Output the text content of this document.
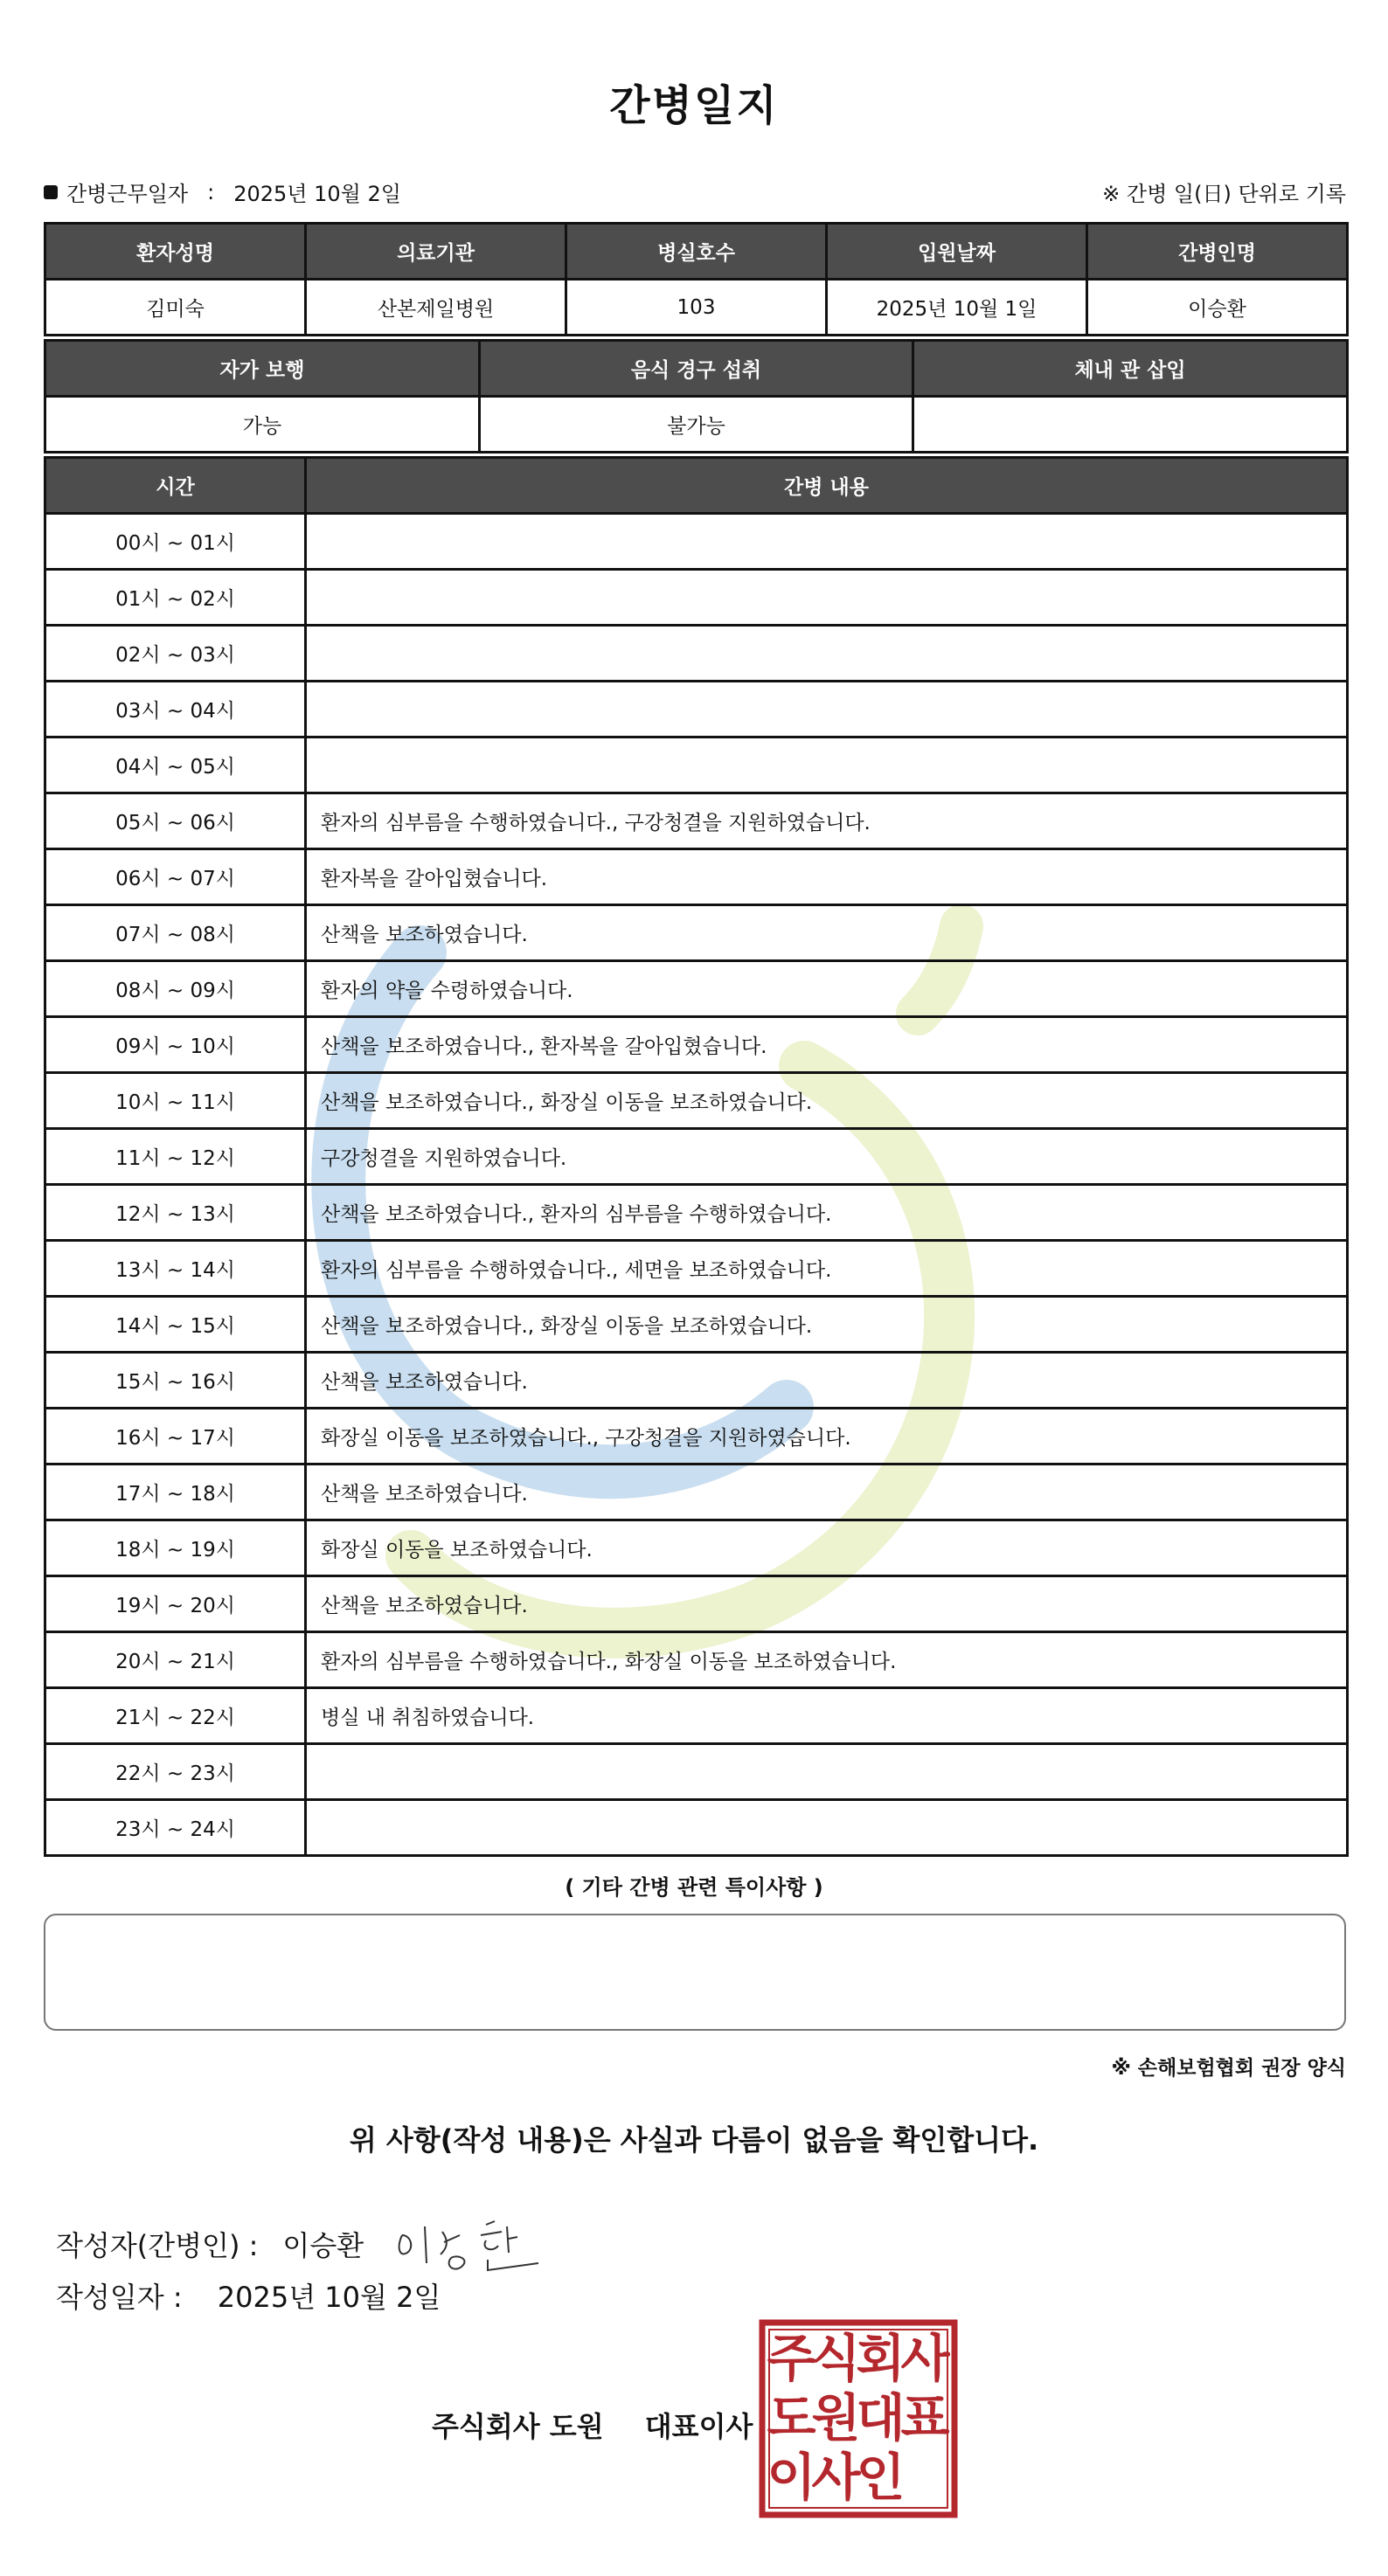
간병일지
간병근무일자 : 2025년 10월 2일	※ 간병 일(日) 단위로 기록
환자성명	의료기관	병실호수	입원날짜	간병인명
김미숙	산본제일병원	103	2025년 10월 1일	이승환
자가 보행	음식 경구 섭취	체내 관 삽입
가능	불가능	
시간	간병 내용
00시 ~ 01시	
01시 ~ 02시	
02시 ~ 03시	
03시 ~ 04시	
04시 ~ 05시	
05시 ~ 06시	환자의 심부름을 수행하였습니다., 구강청결을 지원하였습니다.
06시 ~ 07시	환자복을 갈아입혔습니다.
07시 ~ 08시	산책을 보조하였습니다.
08시 ~ 09시	환자의 약을 수령하였습니다.
09시 ~ 10시	산책을 보조하였습니다., 환자복을 갈아입혔습니다.
10시 ~ 11시	산책을 보조하였습니다., 화장실 이동을 보조하였습니다.
11시 ~ 12시	구강청결을 지원하였습니다.
12시 ~ 13시	산책을 보조하였습니다., 환자의 심부름을 수행하였습니다.
13시 ~ 14시	환자의 심부름을 수행하였습니다., 세면을 보조하였습니다.
14시 ~ 15시	산책을 보조하였습니다., 화장실 이동을 보조하였습니다.
15시 ~ 16시	산책을 보조하였습니다.
16시 ~ 17시	화장실 이동을 보조하였습니다., 구강청결을 지원하였습니다.
17시 ~ 18시	산책을 보조하였습니다.
18시 ~ 19시	화장실 이동을 보조하였습니다.
19시 ~ 20시	산책을 보조하였습니다.
20시 ~ 21시	환자의 심부름을 수행하였습니다., 화장실 이동을 보조하였습니다.
21시 ~ 22시	병실 내 취침하였습니다.
22시 ~ 23시	
23시 ~ 24시	
( 기타 간병 관련 특이사항 )
※ 손해보험협회 권장 양식
위 사항(작성 내용)은 사실과 다름이 없음을 확인합니다.
작성자(간병인) : 이승환
작성일자 : 2025년 10월 2일
주식회사 도원 대표이사
주
식
회
사
도
원
대
표
이
사
인
